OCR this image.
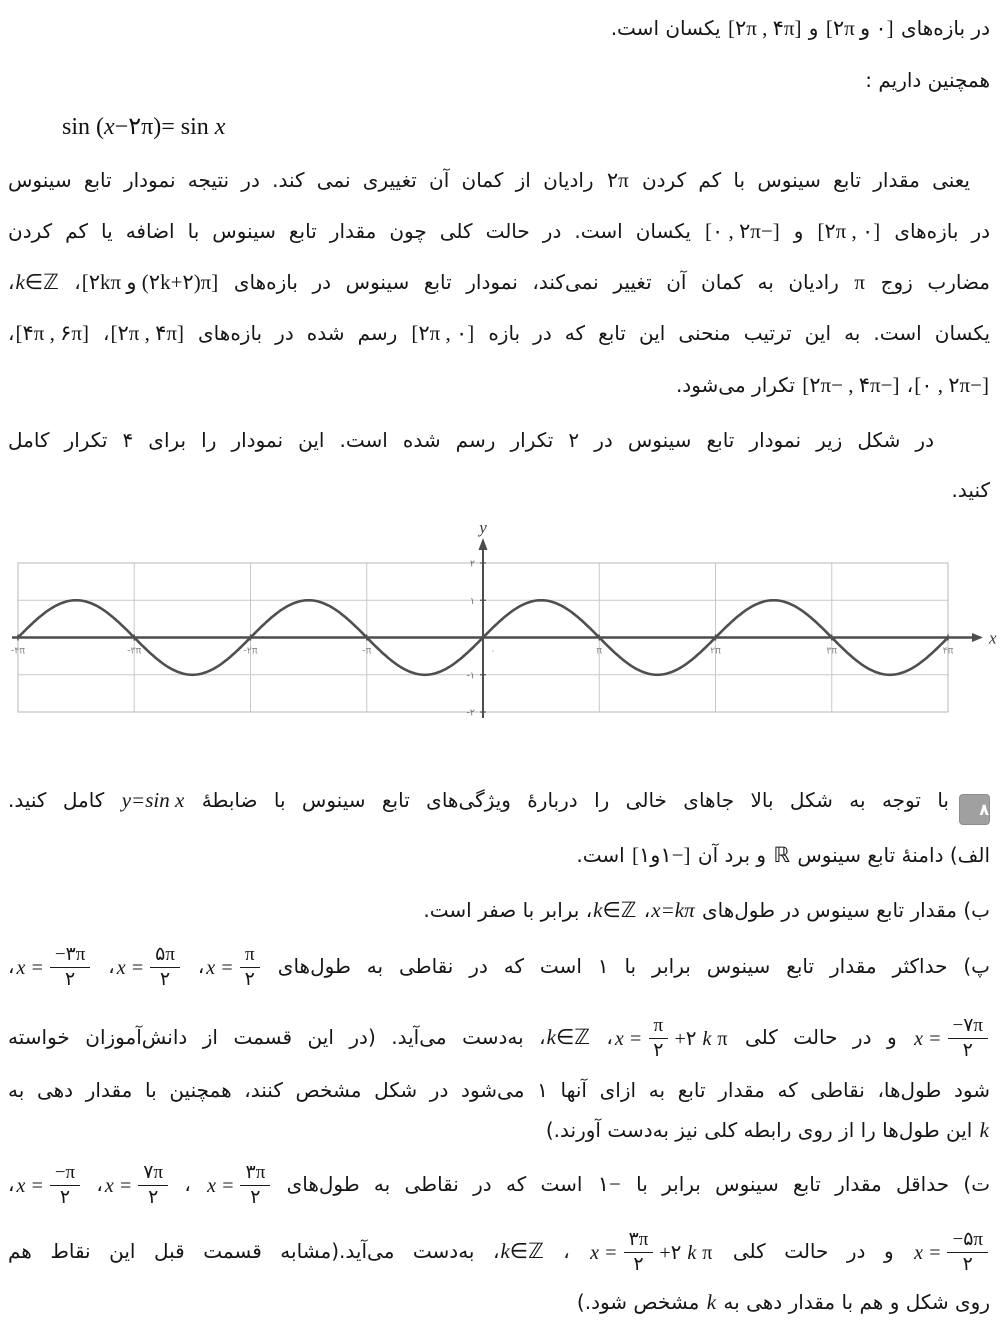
در بازه‌های [۲π و ۰] و [۲π , ۴π] یکسان است.
همچنین داریم :
sin (x−۲π)= sin x
یعنی مقدار تابع سینوس با کم کردن ۲π رادیان از کمان آن تغییری نمی کند. در نتیجه نمودار تابع سینوس
در بازه‌های [۲π , ۰] و [۰ , ۲π−] یکسان است. در حالت کلی چون مقدار تابع سینوس با اضافه یا کم کردن
مضارب زوج π رادیان به کمان آن تغییر نمی‌کند، نمودار تابع سینوس در بازه‌های [۲kπ و (۲k+۲)π]، k∈ℤ،
یکسان است. به این ترتیب منحنی این تابع که در بازه [۲π , ۰] رسم شده در بازه‌های [۲π , ۴π]، [۴π , ۶π]،
[۰ , ۲π−]، [۲π− , ۴π−] تکرار می‌شود.
در شکل زیر نمودار تابع سینوس در ۲ تکرار رسم شده است. این نمودار را برای ۴ تکرار کامل
کنید.
x
y
-۴π	-۳π	-۲π	-π	۰	π	۲π	۳π	۴π
۲
۱
-۱
-۲
۸با توجه به شکل بالا جاهای خالی را دربارۀ ویژگی‌های تابع سینوس با ضابطۀ y=sin x کامل کنید.
الف) دامنۀ تابع سینوس ℝ و برد آن [۱و۱−] است.
ب) مقدار تابع سینوس در طول‌های x=kπ، k∈ℤ، برابر با صفر است.
پ) حداکثر مقدار تابع سینوس برابر با ۱ است که در نقاطی به طول‌های
x =
π
۲
،
x =
۵π
۲
،
x =
−۳π
۲
،
x =
−۷π
۲
و در حالت کلی
x =
π
۲
+۲ k π
، k∈ℤ، به‌دست می‌آید. (در این قسمت از دانش‌آموزان خواسته
شود طول‌ها، نقاطی که مقدار تابع به ازای آنها ۱ می‌شود در شکل مشخص کنند، همچنین با مقدار دهی به
k این طول‌ها را از روی رابطه کلی نیز به‌دست آورند.)
ت) حداقل مقدار تابع سینوس برابر با ۱− است که در نقاطی به طول‌های
x =
۳π
۲
،
x =
۷π
۲
،
x =
−π
۲
،
x =
−۵π
۲
و در حالت کلی
x =
۳π
۲
+۲ k π
، k∈ℤ، به‌دست می‌آید.(مشابه قسمت قبل این نقاط هم
روی شکل و هم با مقدار دهی به k مشخص شود.)
